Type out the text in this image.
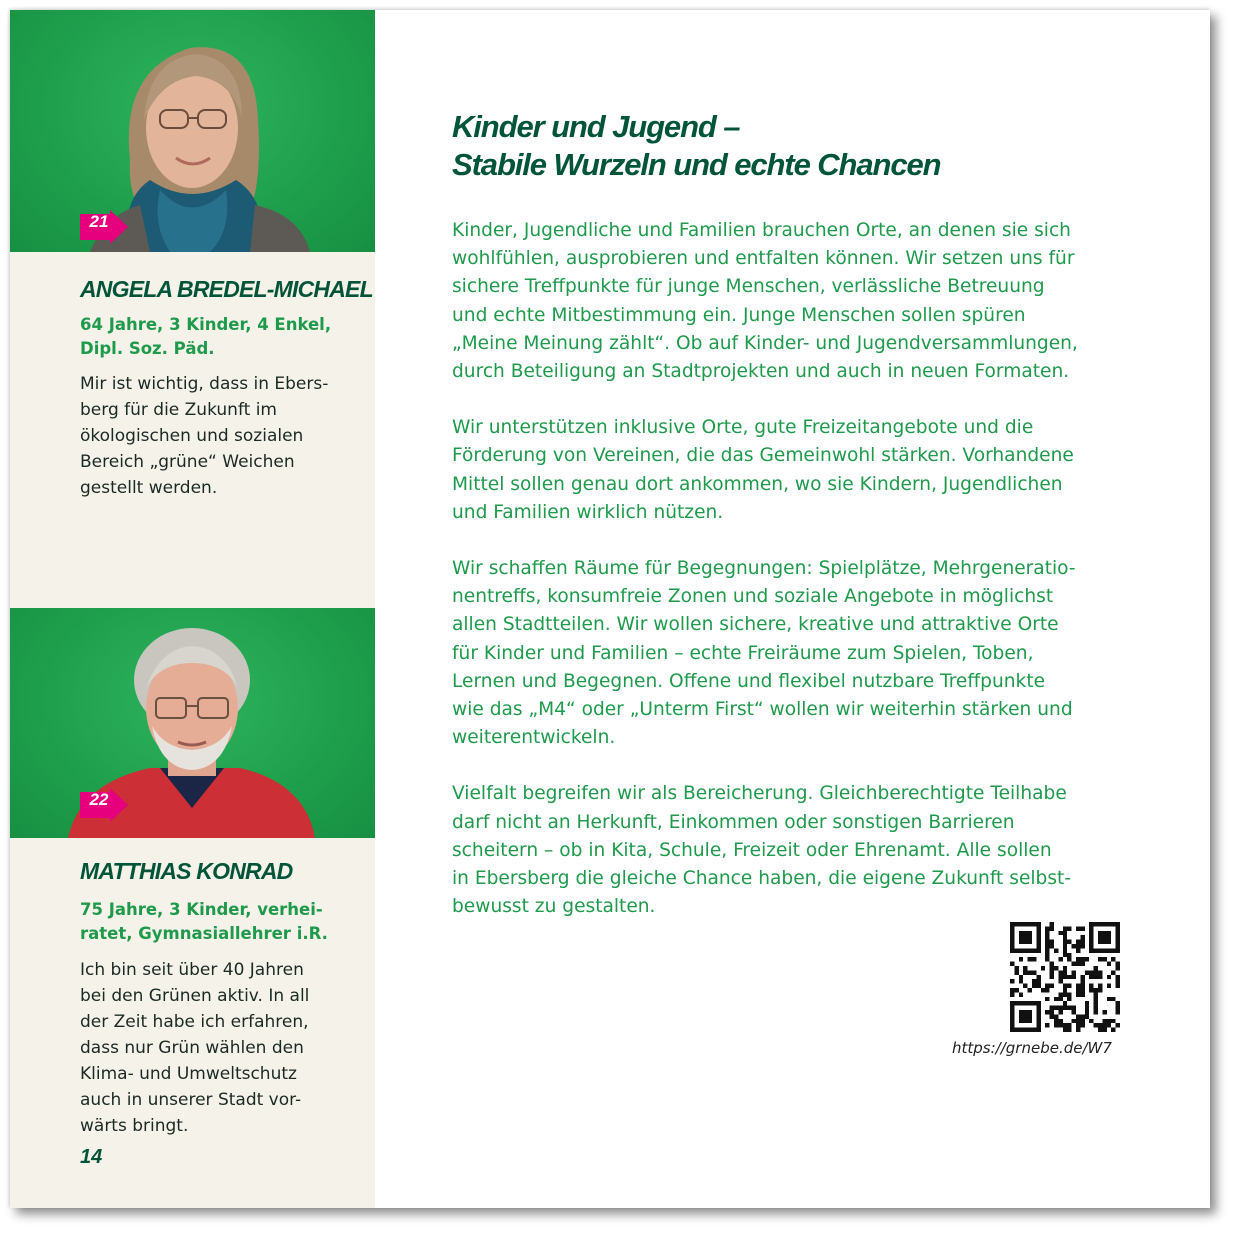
21
ANGELA BREDEL-MICHAEL

64 Jahre, 3 Kinder, 4 Enkel,
Dipl. Soz. Päd.

Mir ist wichtig, dass in Ebers-
berg für die Zukunft im
ökologischen und sozialen
Bereich „grüne“ Weichen
gestellt werden.

22
MATTHIAS KONRAD

75 Jahre, 3 Kinder, verhei-
ratet, Gymnasiallehrer i.R.

Ich bin seit über 40 Jahren
bei den Grünen aktiv. In all
der Zeit habe ich erfahren,
dass nur Grün wählen den
Klima- und Umweltschutz
auch in unserer Stadt vor-
wärts bringt.

14

Kinder und Jugend –
Stabile Wurzeln und echte Chancen

Kinder, Jugendliche und Familien brauchen Orte, an denen sie sich
wohlfühlen, ausprobieren und entfalten können. Wir setzen uns für
sichere Treffpunkte für junge Menschen, verlässliche Betreuung
und echte Mitbestimmung ein. Junge Menschen sollen spüren
„Meine Meinung zählt“. Ob auf Kinder- und Jugendversammlungen,
durch Beteiligung an Stadtprojekten und auch in neuen Formaten.

Wir unterstützen inklusive Orte, gute Freizeitangebote und die
Förderung von Vereinen, die das Gemeinwohl stärken. Vorhandene
Mittel sollen genau dort ankommen, wo sie Kindern, Jugendlichen
und Familien wirklich nützen.

Wir schaffen Räume für Begegnungen: Spielplätze, Mehrgeneratio-
nentreffs, konsumfreie Zonen und soziale Angebote in möglichst
allen Stadtteilen. Wir wollen sichere, kreative und attraktive Orte
für Kinder und Familien – echte Freiräume zum Spielen, Toben,
Lernen und Begegnen. Offene und flexibel nutzbare Treffpunkte
wie das „M4“ oder „Unterm First“ wollen wir weiterhin stärken und
weiterentwickeln.

Vielfalt begreifen wir als Bereicherung. Gleichberechtigte Teilhabe
darf nicht an Herkunft, Einkommen oder sonstigen Barrieren
scheitern – ob in Kita, Schule, Freizeit oder Ehrenamt. Alle sollen
in Ebersberg die gleiche Chance haben, die eigene Zukunft selbst-
bewusst zu gestalten.

https://grnebe.de/W7
